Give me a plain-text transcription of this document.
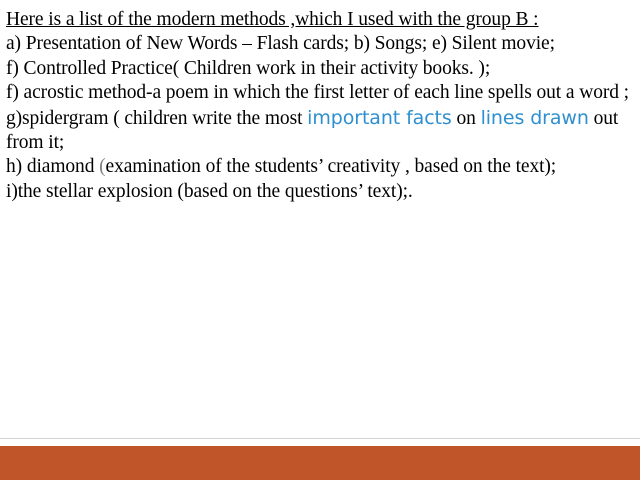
Here is a list of the modern methods ,which I used with the group B :

a) Presentation of New Words – Flash cards; b) Songs; e) Silent movie;

f) Controlled Practice( Children work in their activity books. );

f) acrostic method-a poem in which the first letter of each line spells out a word ;

g)spidergram ( children write the most important facts on lines drawn out from it;

h) diamond (examination of the students’ creativity , based on the text);

i)the stellar explosion (based on the questions’ text);.
